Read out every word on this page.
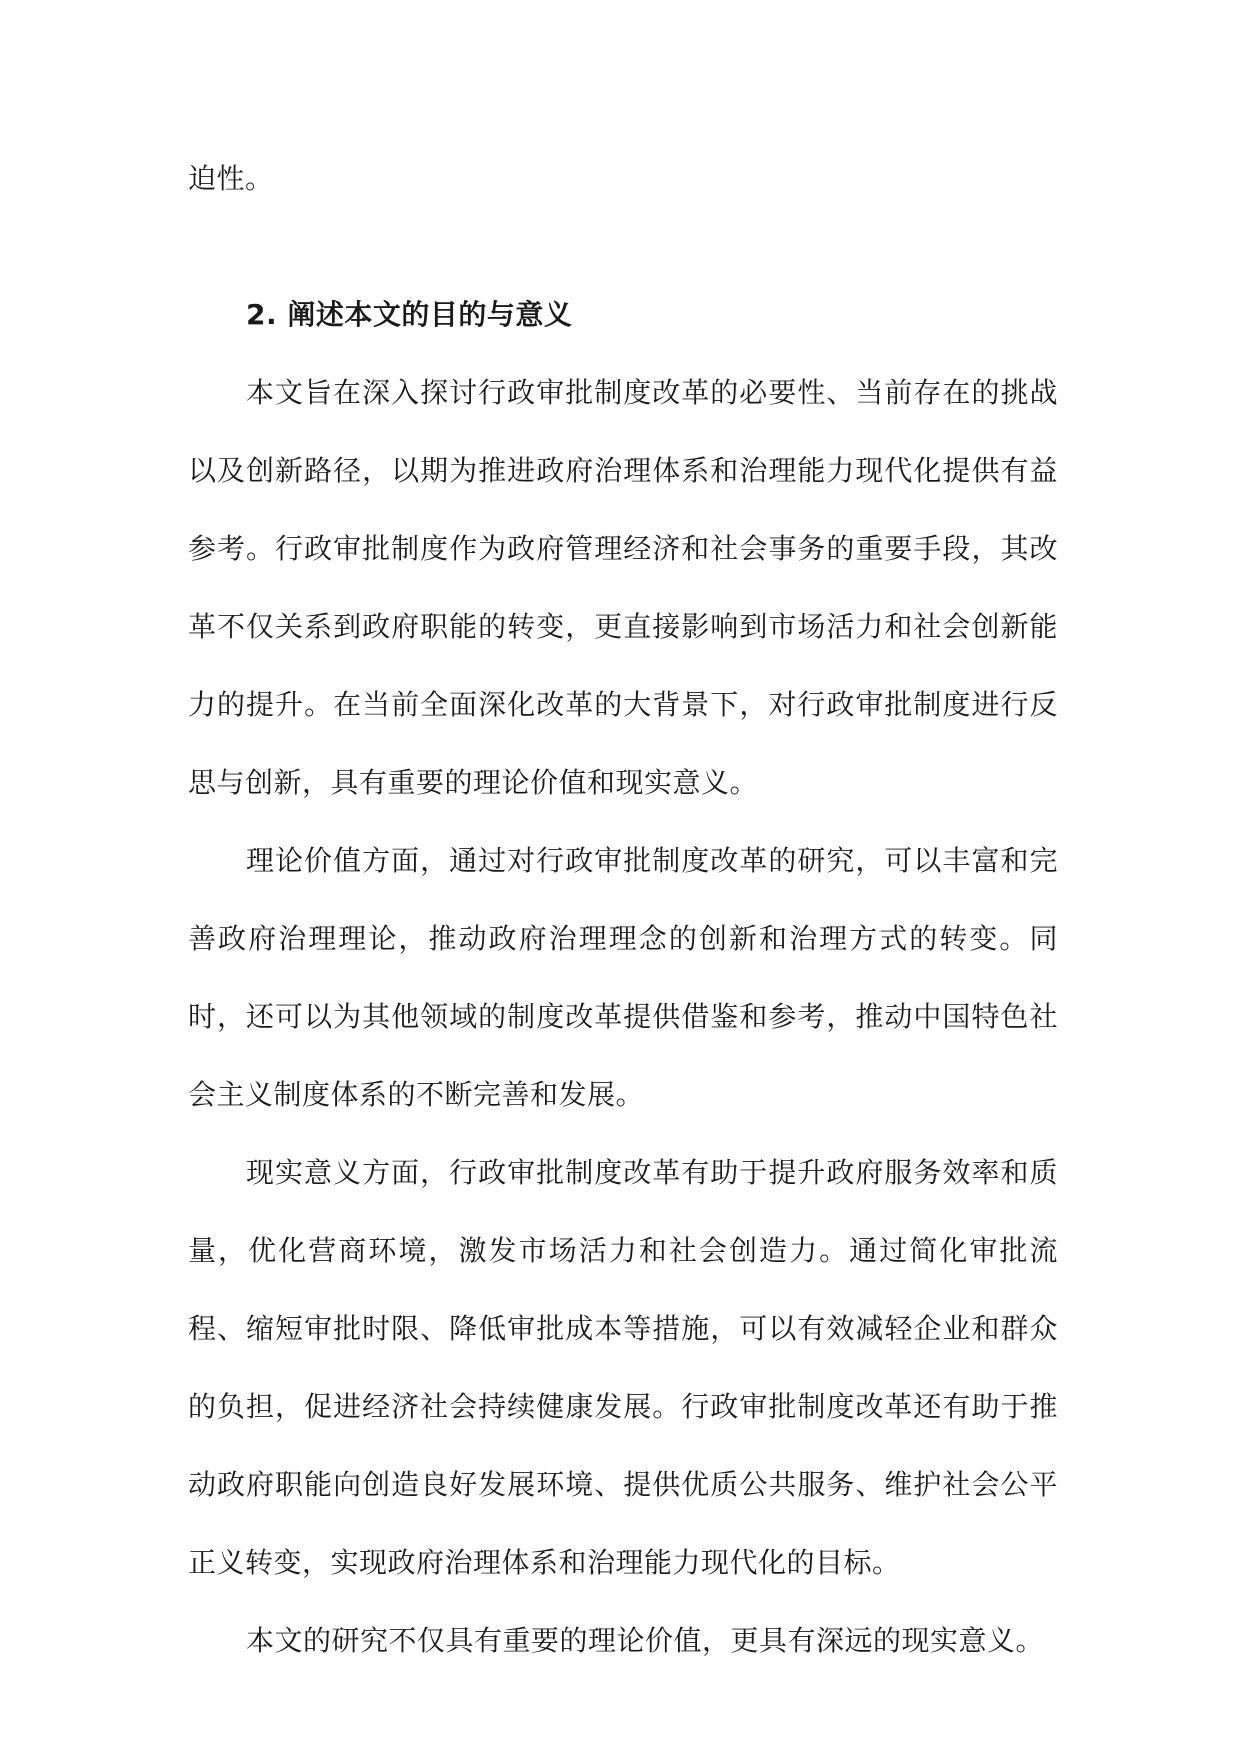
迫性。

2. 阐述本文的目的与意义

本文旨在深入探讨行政审批制度改革的必要性、当前存在的挑战以及创新路径，以期为推进政府治理体系和治理能力现代化提供有益参考。行政审批制度作为政府管理经济和社会事务的重要手段，其改革不仅关系到政府职能的转变，更直接影响到市场活力和社会创新能力的提升。在当前全面深化改革的大背景下，对行政审批制度进行反思与创新，具有重要的理论价值和现实意义。

理论价值方面，通过对行政审批制度改革的研究，可以丰富和完善政府治理理论，推动政府治理理念的创新和治理方式的转变。同时，还可以为其他领域的制度改革提供借鉴和参考，推动中国特色社会主义制度体系的不断完善和发展。

现实意义方面，行政审批制度改革有助于提升政府服务效率和质量，优化营商环境，激发市场活力和社会创造力。通过简化审批流程、缩短审批时限、降低审批成本等措施，可以有效减轻企业和群众的负担，促进经济社会持续健康发展。行政审批制度改革还有助于推动政府职能向创造良好发展环境、提供优质公共服务、维护社会公平正义转变，实现政府治理体系和治理能力现代化的目标。

本文的研究不仅具有重要的理论价值，更具有深远的现实意义。
